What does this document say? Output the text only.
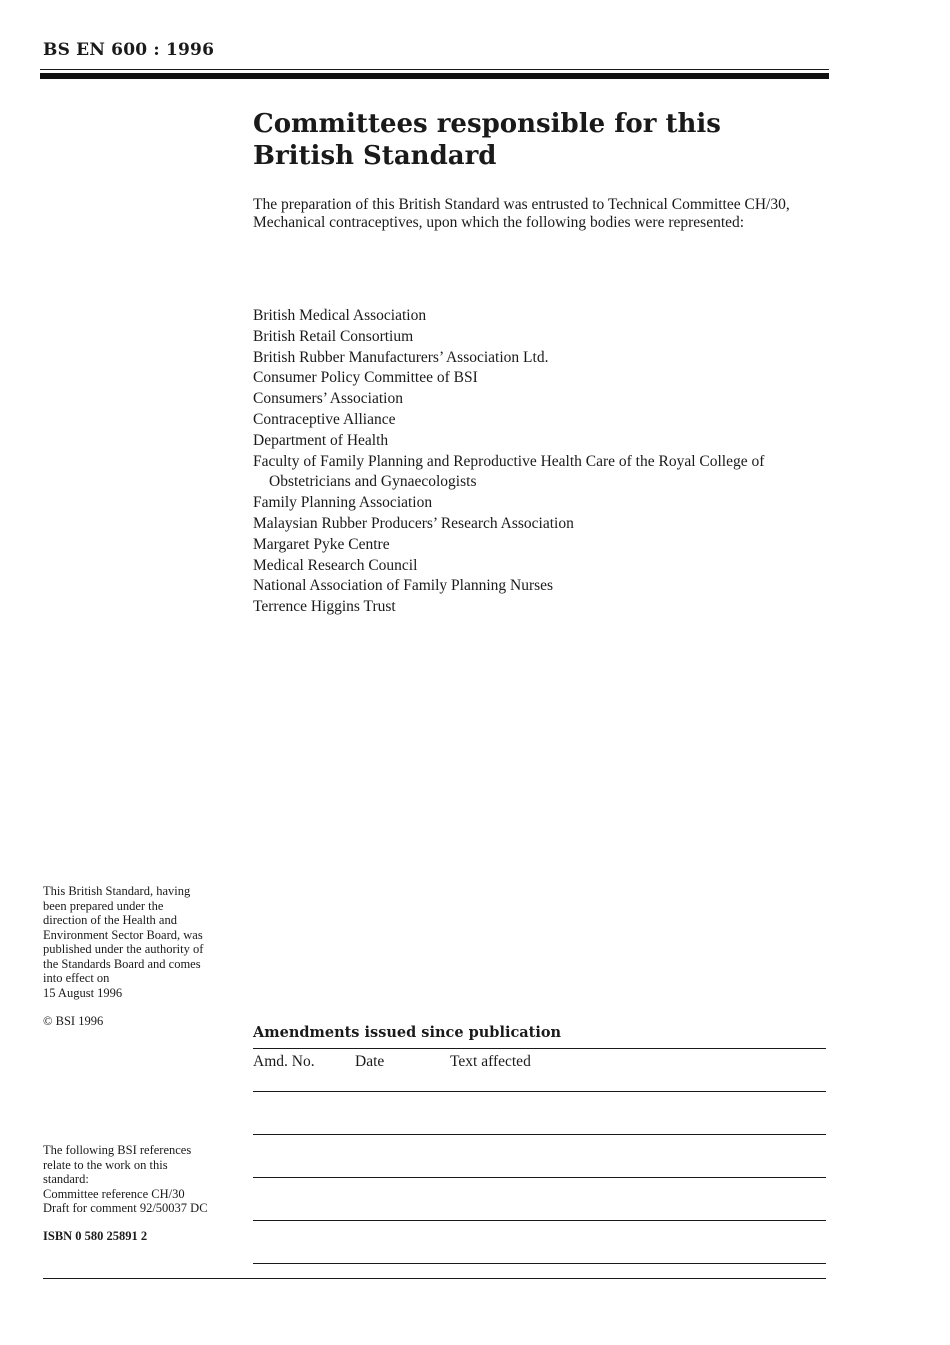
BS EN 600 : 1996
Committees responsible for this
British Standard

The preparation of this British Standard was entrusted to Technical Committee CH/30, Mechanical contraceptives, upon which the following bodies were represented:

British Medical Association
British Retail Consortium
British Rubber Manufacturers’ Association Ltd.
Consumer Policy Committee of BSI
Consumers’ Association
Contraceptive Alliance
Department of Health
Faculty of Family Planning and Reproductive Health Care of the Royal College of Obstetricians and Gynaecologists
Family Planning Association
Malaysian Rubber Producers’ Research Association
Margaret Pyke Centre
Medical Research Council
National Association of Family Planning Nurses
Terrence Higgins Trust

This British Standard, having
been prepared under the
direction of the Health and
Environment Sector Board, was
published under the authority of
the Standards Board and comes
into effect on
15 August 1996

© BSI 1996

The following BSI references
relate to the work on this
standard:
Committee reference CH/30
Draft for comment 92/50037 DC

ISBN 0 580 25891 2

Amendments issued since publication
Amd. No.	Date	Text affected
